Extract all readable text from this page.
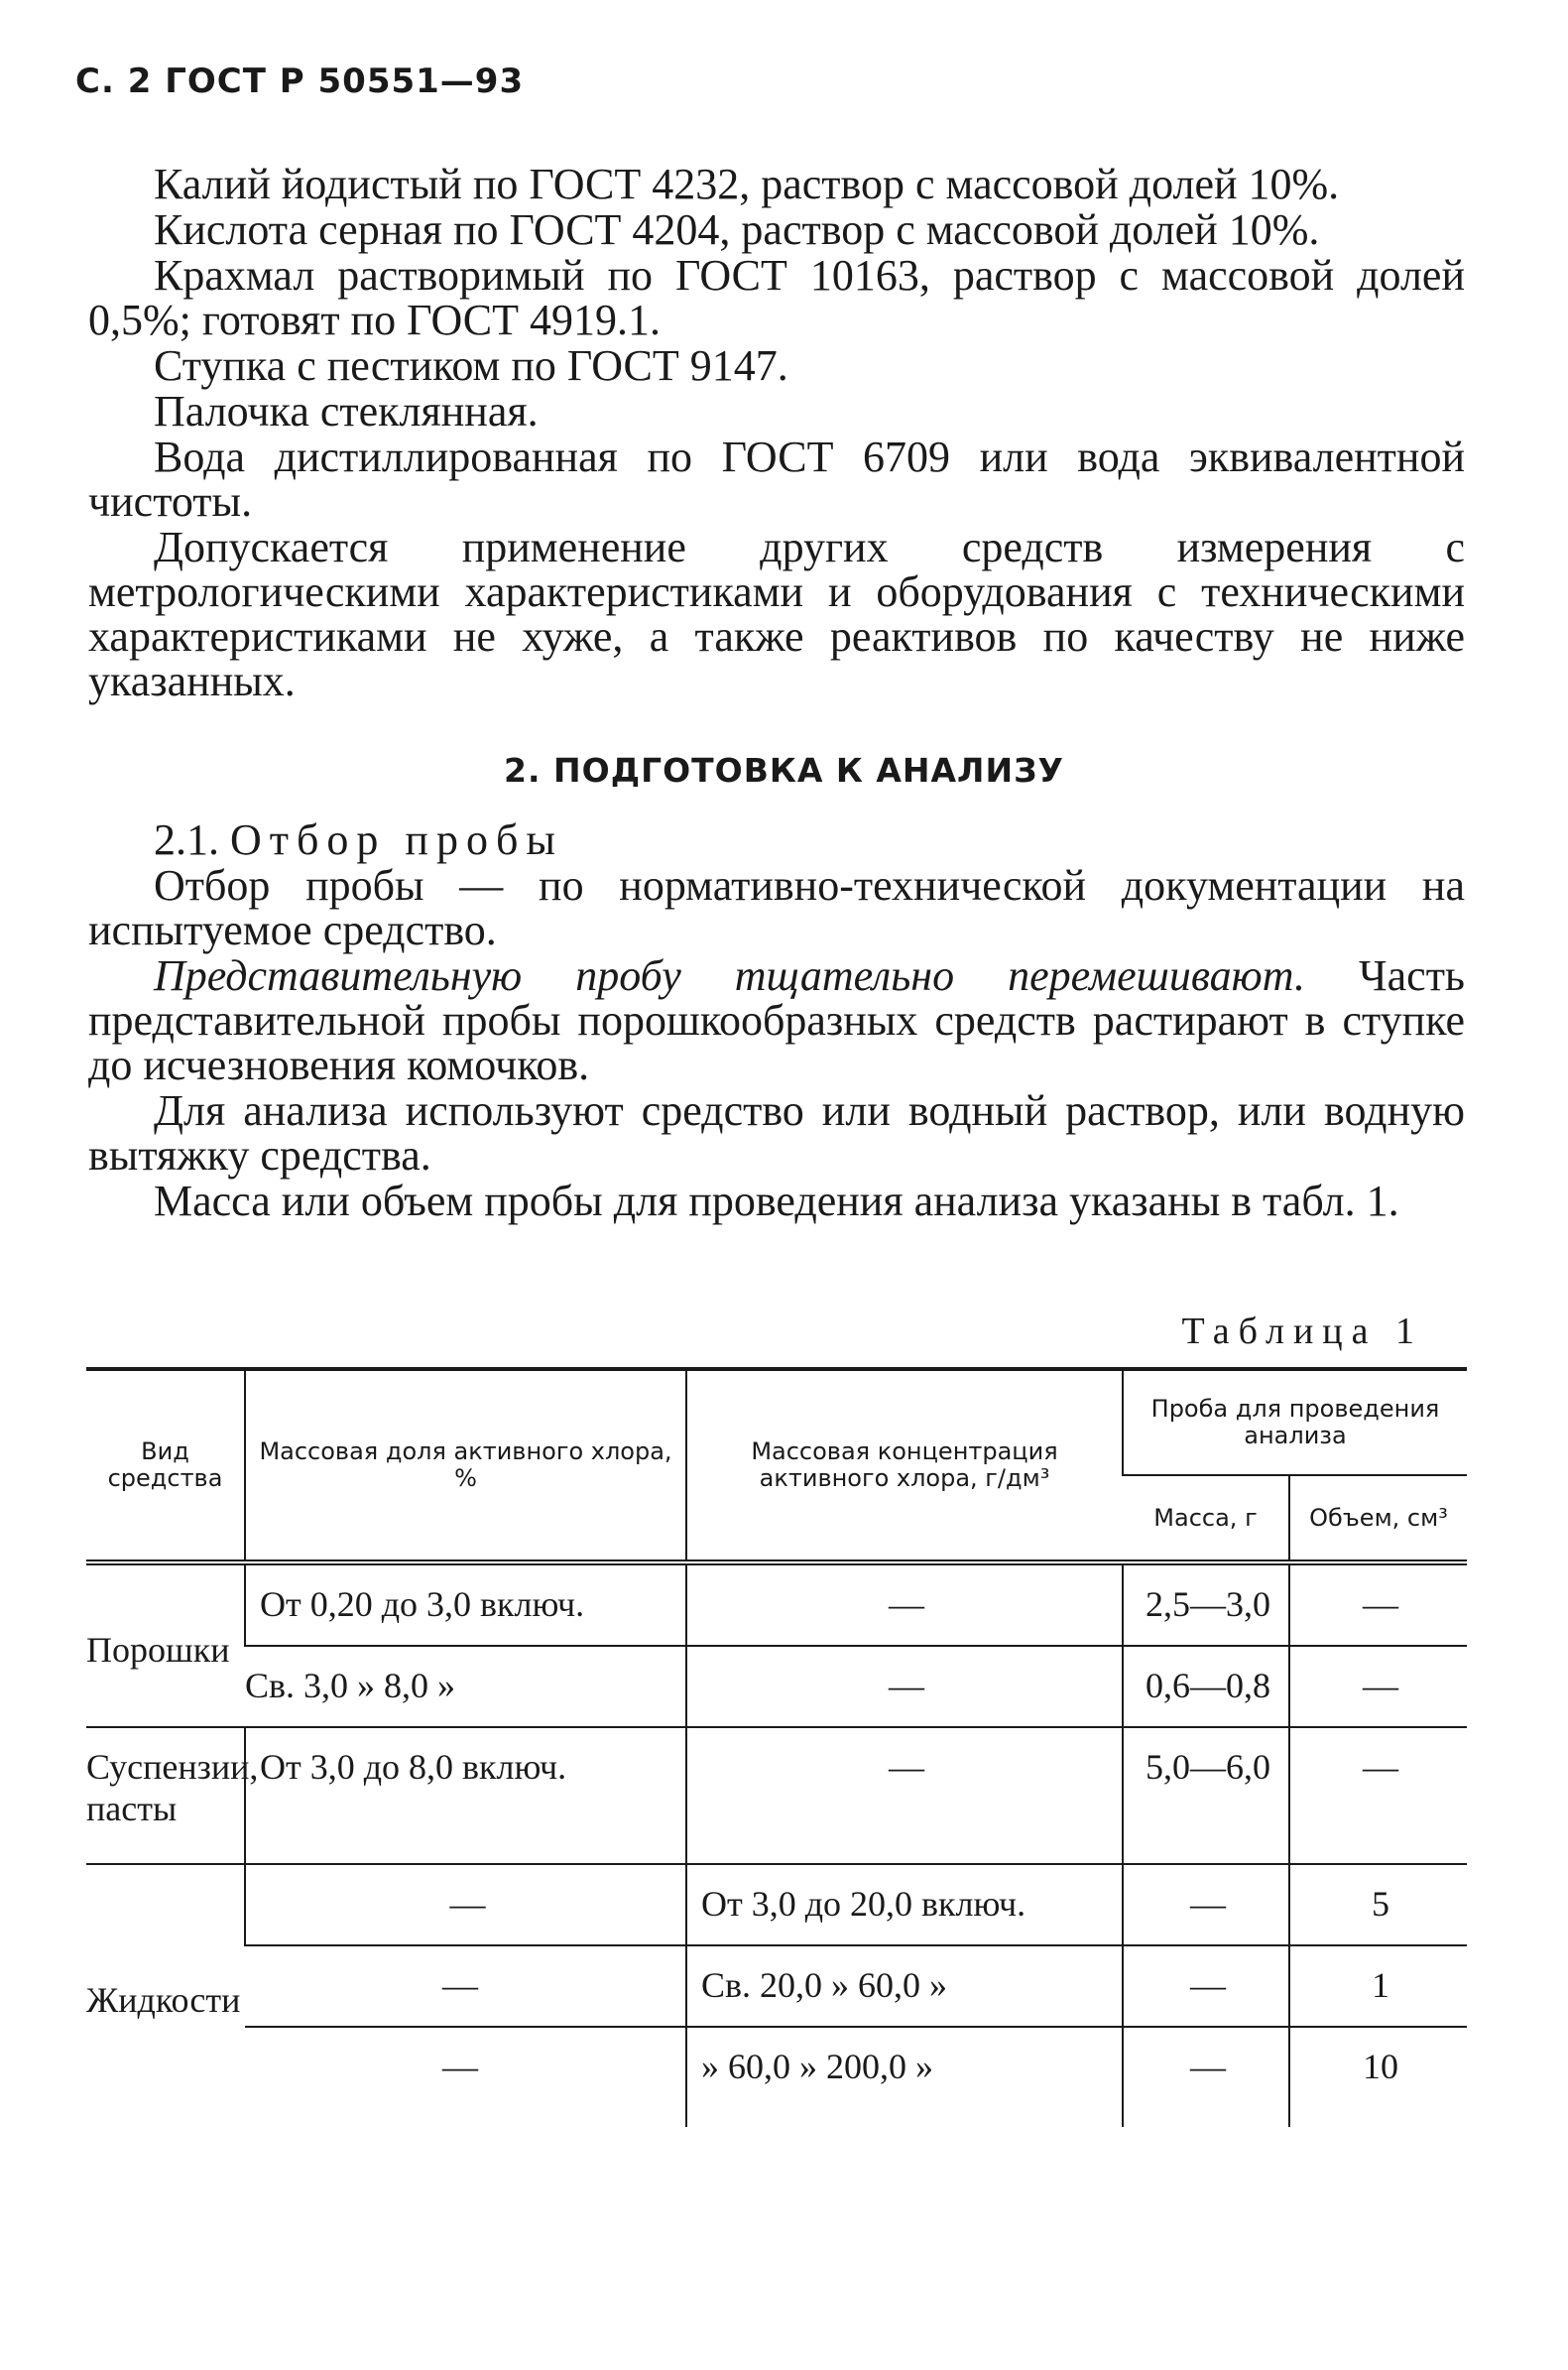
С. 2 ГОСТ Р 50551—93

Калий йодистый по ГОСТ 4232, раствор с массовой долей 10%.

Кислота серная по ГОСТ 4204, раствор с массовой долей 10%.

Крахмал растворимый по ГОСТ 10163, раствор с массовой долей 0,5%; готовят по ГОСТ 4919.1.

Ступка с пестиком по ГОСТ 9147.

Палочка стеклянная.

Вода дистиллированная по ГОСТ 6709 или вода эквивалентной чистоты.

Допускается применение других средств измерения с метрологическими характеристиками и оборудования с техническими характеристиками не хуже, а также реактивов по качеству не ниже указанных.

2. ПОДГОТОВКА К АНАЛИЗУ

2.1. Отбор пробы

Отбор пробы — по нормативно-технической документации на испытуемое средство.

Представительную пробу тщательно перемешивают. Часть представительной пробы порошкообразных средств растирают в ступке до исчезновения комочков.

Для анализа используют средство или водный раствор, или водную вытяжку средства.

Масса или объем пробы для проведения анализа указаны в табл. 1.

Таблица 1
Вид средства	Массовая доля активного хлора, %	Массовая концентрация активного хлора, г/дм³	Проба для проведения анализа	
			Масса, г	Объем, см³
Порошки	От 0,20 до 3,0 включ.	—	2,5—3,0	—
	Св. 3,0 » 8,0 »	—	0,6—0,8	—
Суспензии, пасты	От 3,0 до 8,0 включ.	—	5,0—6,0	—
Жидкости	—	От 3,0 до 20,0 включ.	—	5
	—	Св. 20,0 » 60,0 »	—	1
	—	» 60,0 » 200,0 »	—	10
